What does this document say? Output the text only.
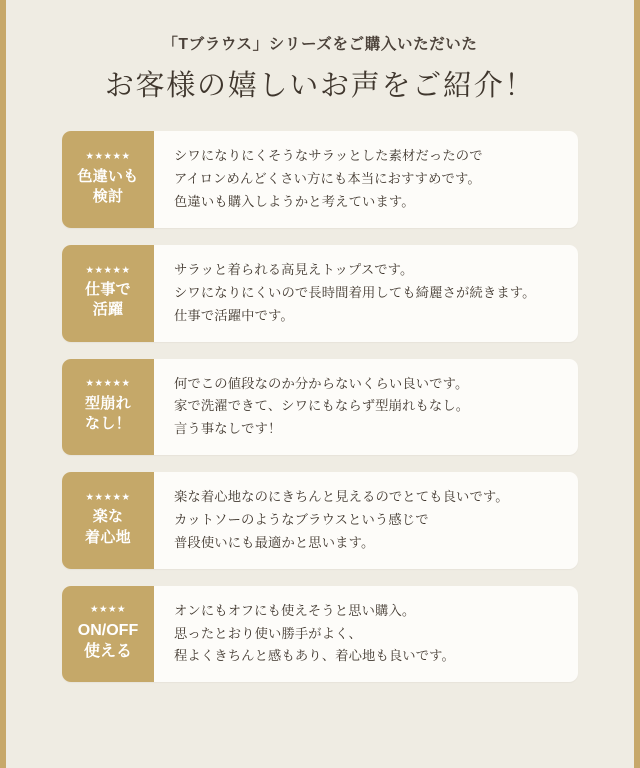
「Tブラウス」シリーズをご購入いただいた
お客様の嬉しいお声をご紹介！
★★★★★
色違いも
検討
シワになりにくそうなサラッとした素材だったので
アイロンめんどくさい方にも本当におすすめです。
色違いも購入しようかと考えています。
★★★★★
仕事で
活躍
サラッと着られる高見えトップスです。
シワになりにくいので長時間着用しても綺麗さが続きます。
仕事で活躍中です。
★★★★★
型崩れ
なし！
何でこの値段なのか分からないくらい良いです。
家で洗濯できて、シワにもならず型崩れもなし。
言う事なしです！
★★★★★
楽な
着心地
楽な着心地なのにきちんと見えるのでとても良いです。
カットソーのようなブラウスという感じで
普段使いにも最適かと思います。
★★★★
ON/OFF
使える
オンにもオフにも使えそうと思い購入。
思ったとおり使い勝手がよく、
程よくきちんと感もあり、着心地も良いです。
